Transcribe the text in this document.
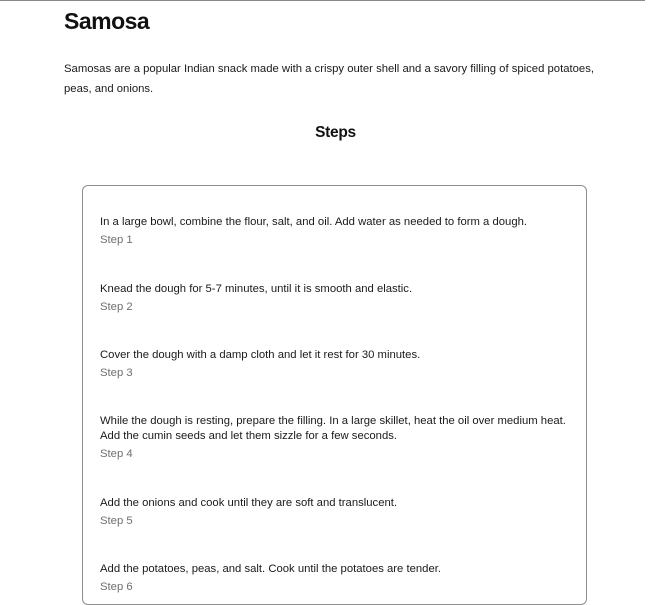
Samosa

Samosas are a popular Indian snack made with a crispy outer shell and a savory filling of spiced potatoes, peas, and onions.

Steps

In a large bowl, combine the flour, salt, and oil. Add water as needed to form a dough.

Step 1

Knead the dough for 5-7 minutes, until it is smooth and elastic.

Step 2

Cover the dough with a damp cloth and let it rest for 30 minutes.

Step 3

While the dough is resting, prepare the filling. In a large skillet, heat the oil over medium heat. Add the cumin seeds and let them sizzle for a few seconds.

Step 4

Add the onions and cook until they are soft and translucent.

Step 5

Add the potatoes, peas, and salt. Cook until the potatoes are tender.

Step 6
